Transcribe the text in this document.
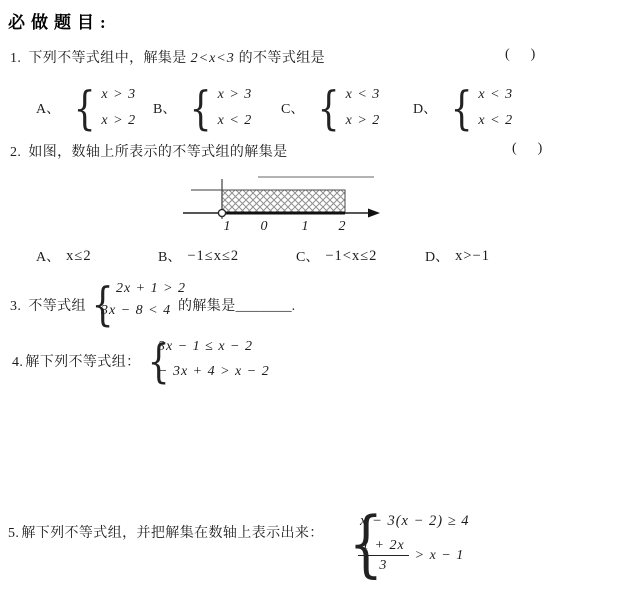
必做题目:
1. 下列不等式组中，解集是 2<x<3 的不等式组是	(      )
A、
{
x > 3
x > 2
B、
{
x > 3
x < 2
C、
{
x < 3
x > 2
D、
{
x < 3
x < 2
2. 如图，数轴上所表示的不等式组的解集是	(      )
1 0 1 2
A、 x≤2	B、 −1≤x≤2	C、 −1<x≤2	D、 x>−1
3. 不等式组
{
− 2x + 1 > 2
3x − 8 < 4 的解集是________.
4. 解下列不等式组：
{
3x − 1 ≤ x − 2
− 3x + 4 > x − 2
5. 解下列不等式组，并把解集在数轴上表示出来：
{
x − 3(x − 2) ≥ 4
$\frac{1 + 2x}{3} > x - 1$
